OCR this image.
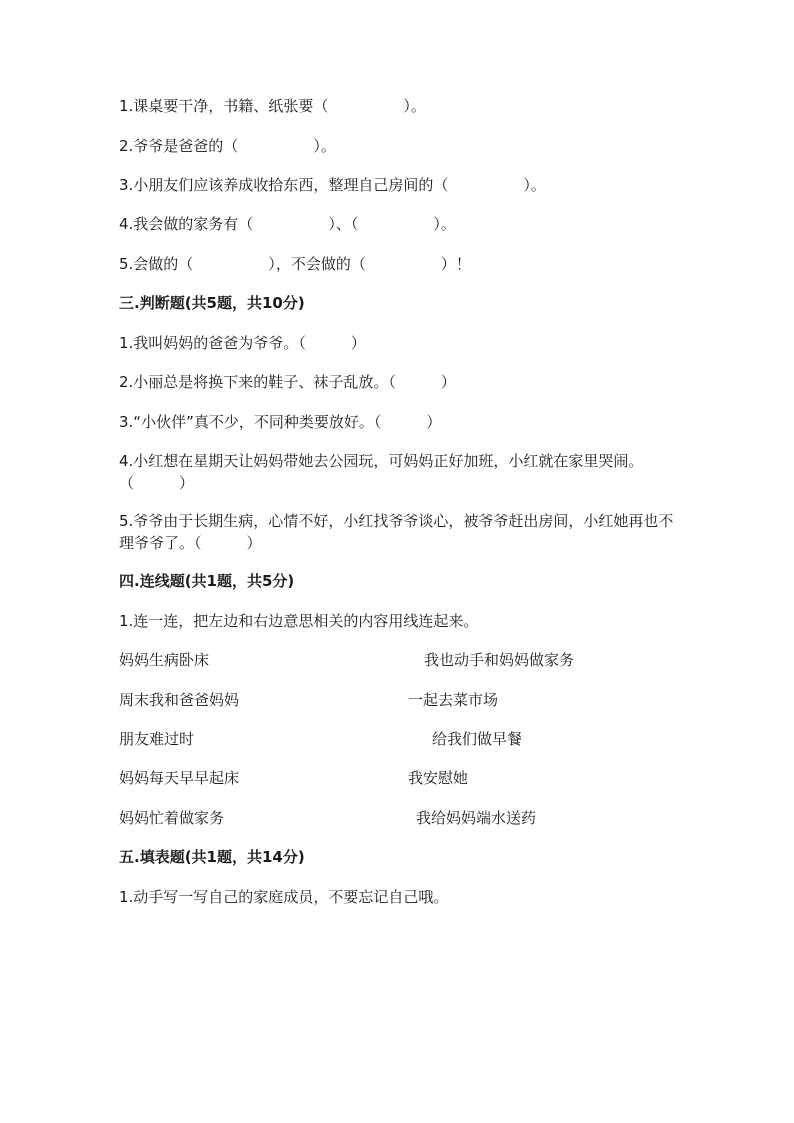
1.课桌要干净，书籍、纸张要（　　　　　）。
2.爷爷是爸爸的（　　　　　）。
3.小朋友们应该养成收拾东西，整理自己房间的（　　　　　）。
4.我会做的家务有（　　　　　）、（　　　　　）。
5.会做的（　　　　　），不会做的（　　　　　）！
三.判断题(共5题，共10分)
1.我叫妈妈的爸爸为爷爷。（　　　）
2.小丽总是将换下来的鞋子、袜子乱放。（　　　）
3.“小伙伴”真不少，不同种类要放好。（　　　）
4.小红想在星期天让妈妈带她去公园玩，可妈妈正好加班，小红就在家里哭闹。（　　　）
5.爷爷由于长期生病，心情不好，小红找爷爷谈心，被爷爷赶出房间，小红她再也不理爷爷了。（　　　）
四.连线题(共1题，共5分)
1.连一连，把左边和右边意思相关的内容用线连起来。
妈妈生病卧床	我也动手和妈妈做家务
周末我和爸爸妈妈	一起去菜市场
朋友难过时	给我们做早餐
妈妈每天早早起床	我安慰她
妈妈忙着做家务	我给妈妈端水送药
五.填表题(共1题，共14分)
1.动手写一写自己的家庭成员，不要忘记自己哦。
